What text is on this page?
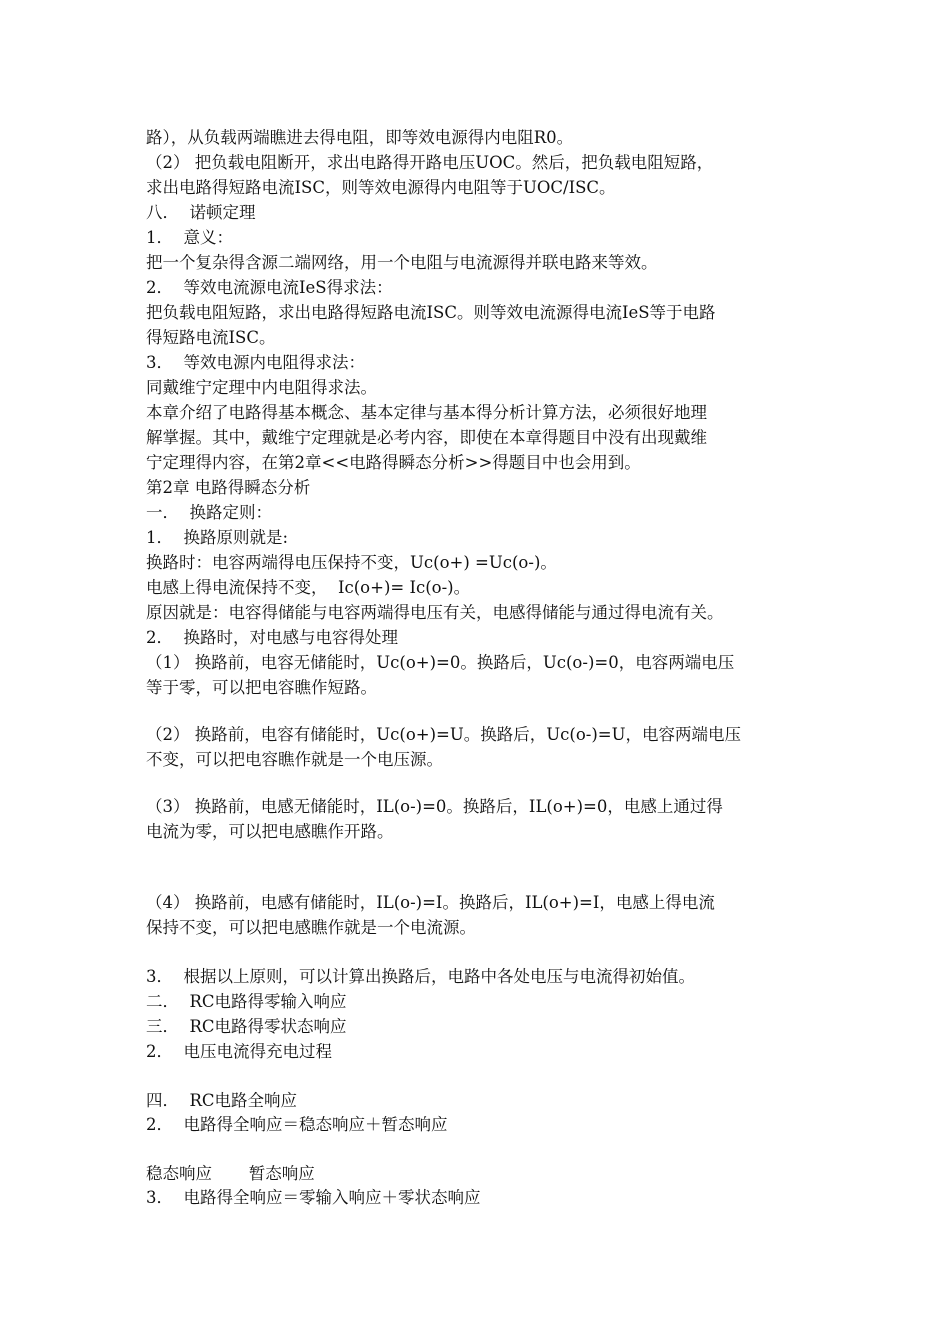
路），从负载两端瞧进去得电阻，即等效电源得内电阻R0。
（2） 把负载电阻断开，求出电路得开路电压UOC。然后，把负载电阻短路，
求出电路得短路电流ISC，则等效电源得内电阻等于UOC/ISC。
八．  诺顿定理
1．  意义：
把一个复杂得含源二端网络，用一个电阻与电流源得并联电路来等效。
2．  等效电流源电流IeS得求法：
把负载电阻短路，求出电路得短路电流ISC。则等效电流源得电流IeS等于电路
得短路电流ISC。
3．  等效电源内电阻得求法：
同戴维宁定理中内电阻得求法。
本章介绍了电路得基本概念、基本定律与基本得分析计算方法，必须很好地理
解掌握。其中，戴维宁定理就是必考内容，即使在本章得题目中没有出现戴维
宁定理得内容，在第2章<<电路得瞬态分析>>得题目中也会用到。
第2章 电路得瞬态分析
一．  换路定则：
1．  换路原则就是:
换路时：电容两端得电压保持不变，Uc(o+) =Uc(o-)。
电感上得电流保持不变，  Ic(o+)= Ic(o-)。
原因就是：电容得储能与电容两端得电压有关，电感得储能与通过得电流有关。
2．  换路时，对电感与电容得处理
（1） 换路前，电容无储能时，Uc(o+)=0。换路后，Uc(o-)=0，电容两端电压
等于零，可以把电容瞧作短路。
（2） 换路前，电容有储能时，Uc(o+)=U。换路后，Uc(o-)=U，电容两端电压
不变，可以把电容瞧作就是一个电压源。
（3） 换路前，电感无储能时，IL(o-)=0。换路后，IL(o+)=0，电感上通过得
电流为零，可以把电感瞧作开路。
（4） 换路前，电感有储能时，IL(o-)=I。换路后，IL(o+)=I，电感上得电流
保持不变，可以把电感瞧作就是一个电流源。
3．  根据以上原则，可以计算出换路后，电路中各处电压与电流得初始值。
二．  RC电路得零输入响应
三．  RC电路得零状态响应
2．  电压电流得充电过程
四．  RC电路全响应
2．  电路得全响应＝稳态响应＋暂态响应
稳态响应       暂态响应
3．  电路得全响应＝零输入响应＋零状态响应
